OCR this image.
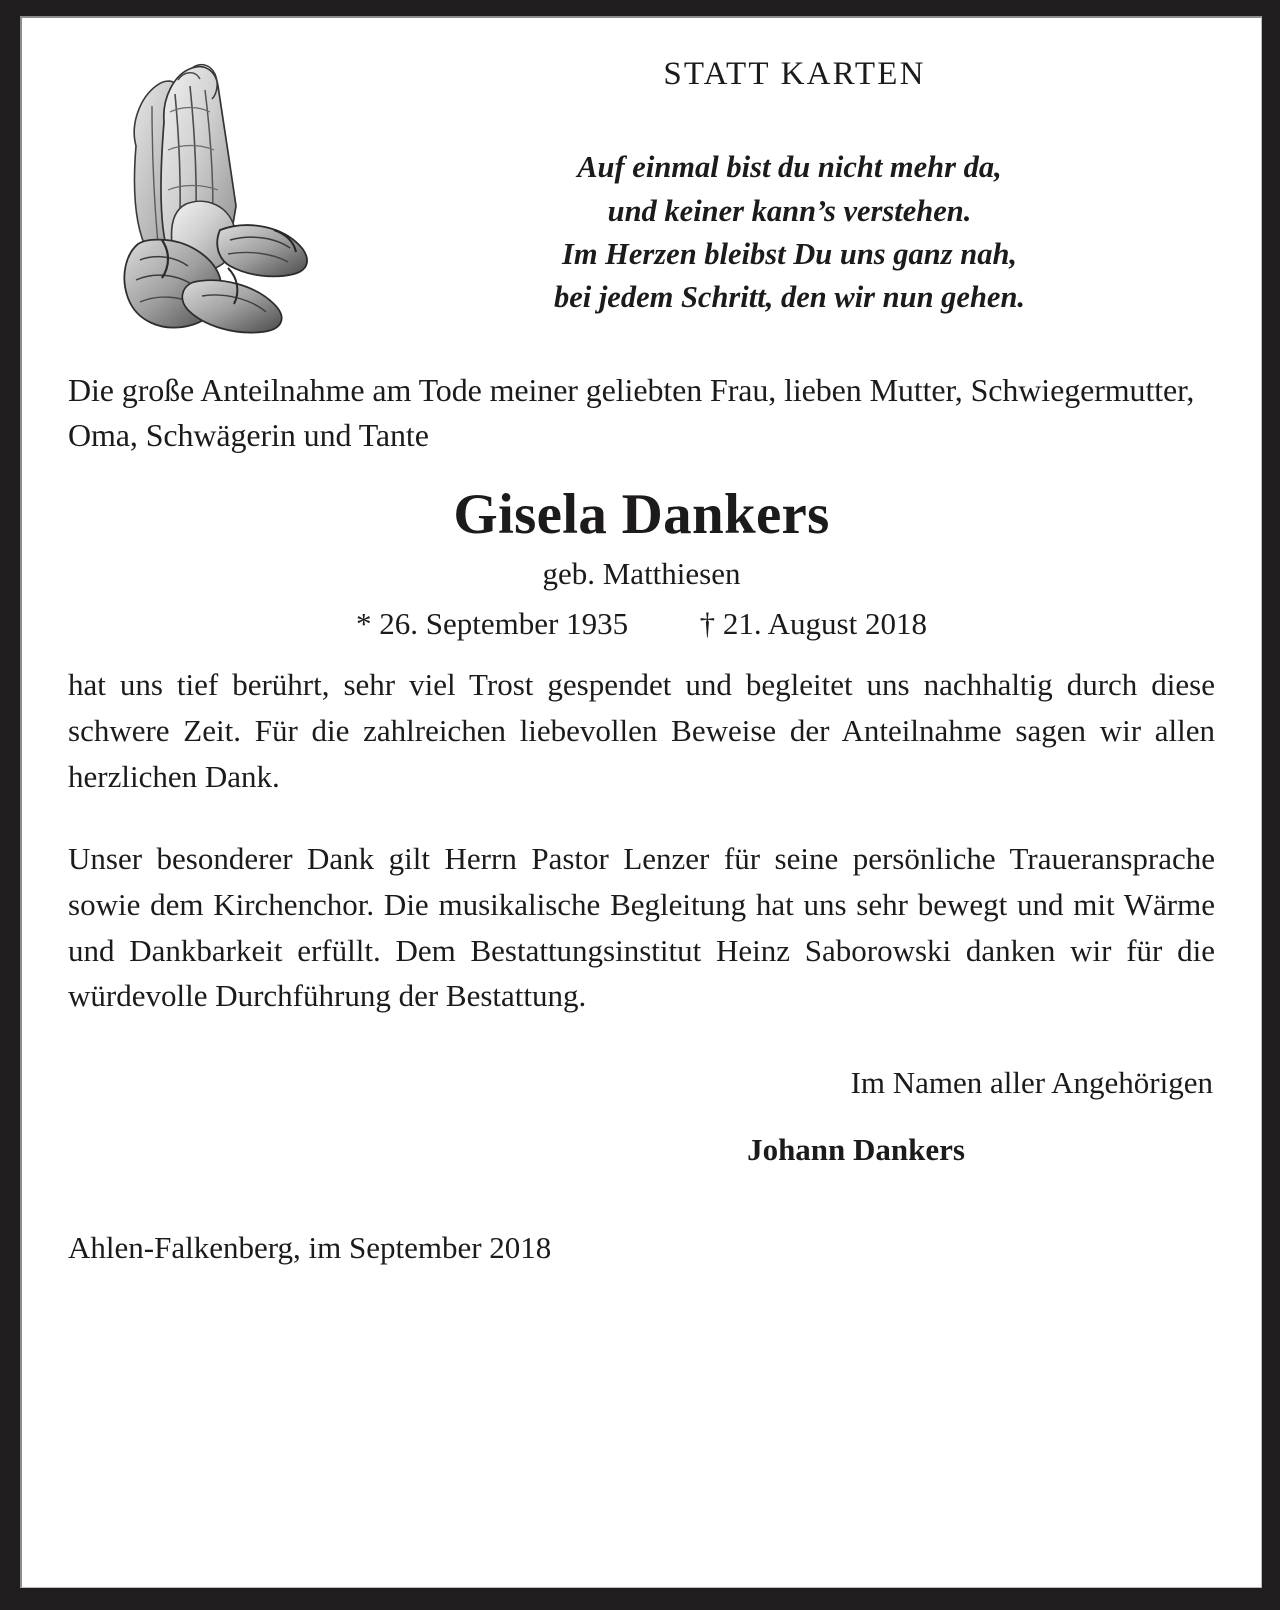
STATT KARTEN
Auf einmal bist du nicht mehr da,
und keiner kann’s verstehen.
Im Herzen bleibst Du uns ganz nah,
bei jedem Schritt, den wir nun gehen.

Die große Anteilnahme am Tode meiner geliebten Frau, lieben Mutter, Schwiegermutter, Oma, Schwägerin und Tante

Gisela Dankers
geb. Matthiesen
* 26. September 1935 † 21. August 2018

hat uns tief berührt, sehr viel Trost gespendet und begleitet uns nachhaltig durch diese schwere Zeit. Für die zahlreichen liebevollen Beweise der Anteilnahme sagen wir allen herzlichen Dank.

Unser besonderer Dank gilt Herrn Pastor Lenzer für seine persönliche Traueransprache sowie dem Kirchenchor. Die musikalische Begleitung hat uns sehr bewegt und mit Wärme und Dankbarkeit erfüllt. Dem Bestattungsinstitut Heinz Saborowski danken wir für die würdevolle Durchführung der Bestattung.

Im Namen aller Angehörigen

Johann Dankers

Ahlen-Falkenberg, im September 2018
